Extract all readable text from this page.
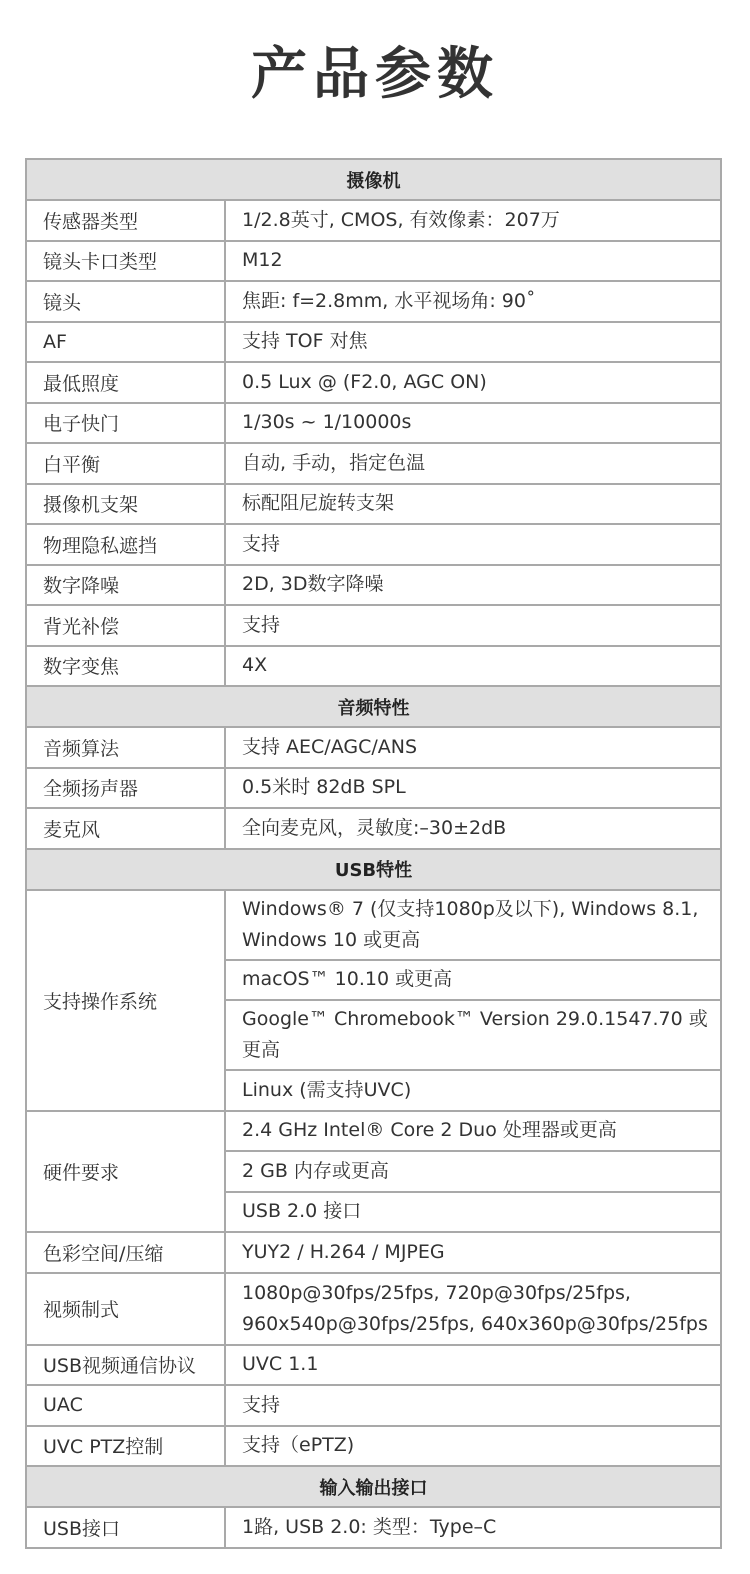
产品参数
摄像机	
传感器类型	1/2.8英寸, CMOS, 有效像素：207万
镜头卡口类型	M12
镜头	焦距: f=2.8mm, 水平视场角: 90˚
AF	支持 TOF 对焦
最低照度	0.5 Lux @ (F2.0, AGC ON)
电子快门	1/30s ~ 1/10000s
白平衡	自动, 手动，指定色温
摄像机支架	标配阻尼旋转支架
物理隐私遮挡	支持
数字降噪	2D, 3D数字降噪
背光补偿	支持
数字变焦	4X
音频特性	
音频算法	支持 AEC/AGC/ANS
全频扬声器	0.5米时 82dB SPL
麦克风	全向麦克风，灵敏度:–30±2dB
USB特性	
支持操作系统	Windows® 7 (仅支持1080p及以下), Windows 8.1, Windows 10 或更高
	macOS™ 10.10 或更高
	Google™ Chromebook™ Version 29.0.1547.70 或更高
	Linux (需支持UVC)
硬件要求	2.4 GHz Intel® Core 2 Duo 处理器或更高
	2 GB 内存或更高
	USB 2.0 接口
色彩空间/压缩	YUY2 / H.264 / MJPEG
视频制式	1080p@30fps/25fps, 720p@30fps/25fps, 960x540p@30fps/25fps, 640x360p@30fps/25fps
USB视频通信协议	UVC 1.1
UAC	支持
UVC PTZ控制	支持（ePTZ)
输入输出接口	
USB接口	1路, USB 2.0: 类型：Type–C
